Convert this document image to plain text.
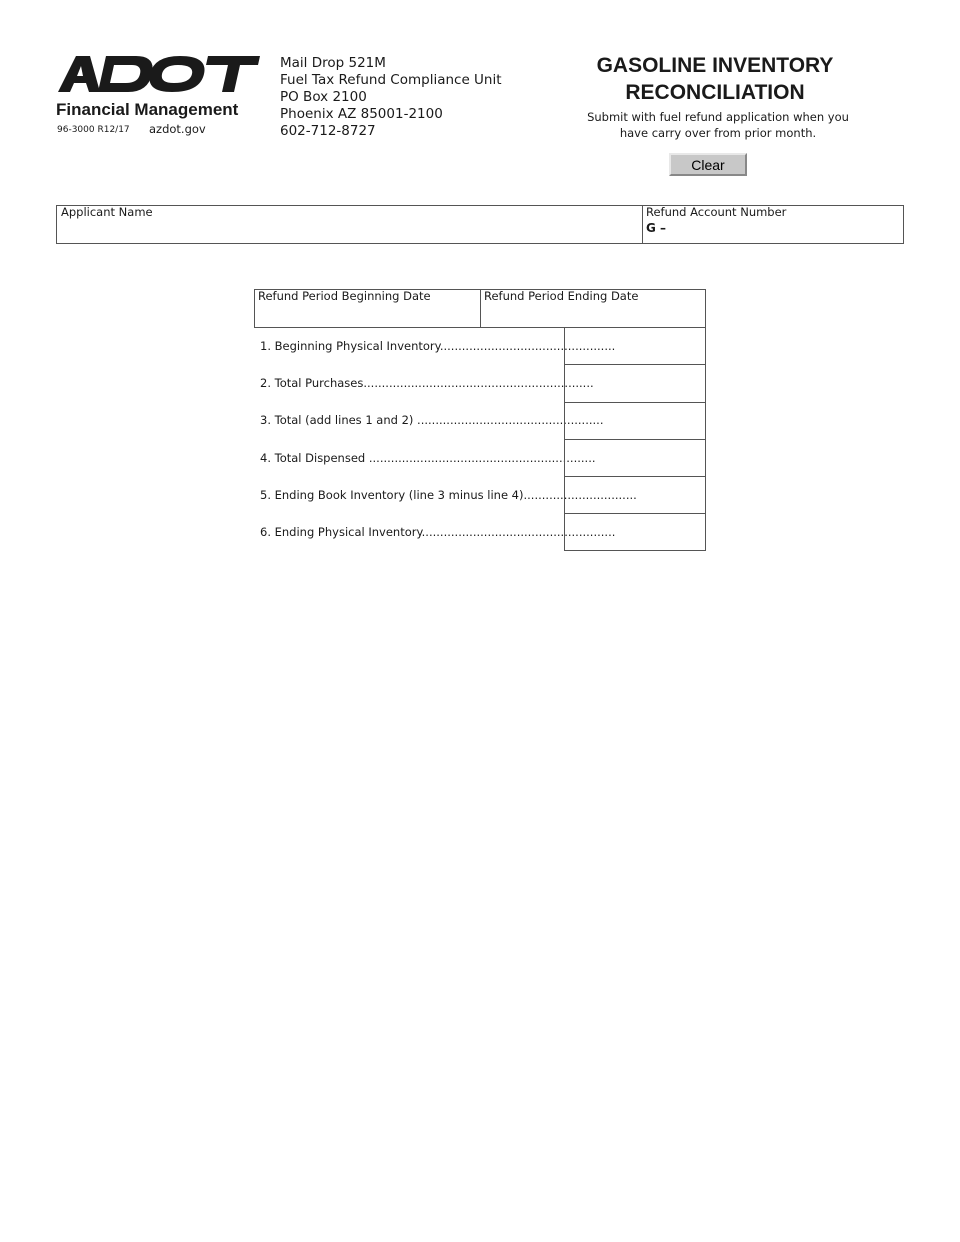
Financial Management
96-3000 R12/17 azdot.gov
Mail Drop 521M
Fuel Tax Refund Compliance Unit
PO Box 2100
Phoenix AZ 85001-2100
602-712-8727
GASOLINE INVENTORY
RECONCILIATION
Submit with fuel refund application when you
have carry over from prior month.
Clear
Applicant Name	Refund Account Number
G –
Refund Period Beginning Date	Refund Period Ending Date
1. Beginning Physical Inventory................................................
2. Total Purchases...............................................................
3. Total (add lines 1 and 2) ...................................................
4. Total Dispensed ..............................................................
5. Ending Book Inventory (line 3 minus line 4)...............................
6. Ending Physical Inventory.....................................................
